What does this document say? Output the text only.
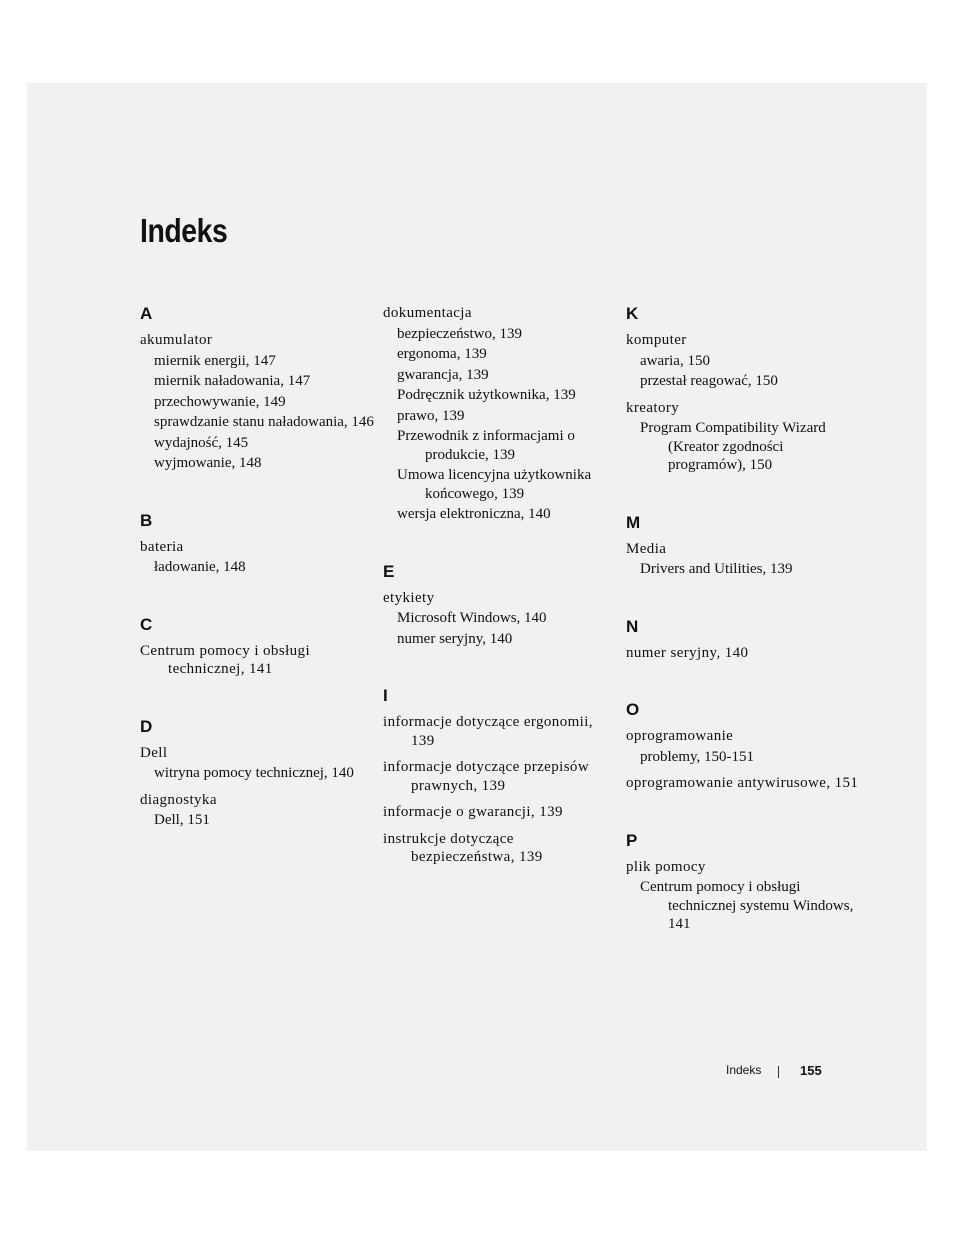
Indeks
A
akumulator
miernik energii, 147
miernik naładowania, 147
przechowywanie, 149
sprawdzanie stanu naładowania, 146
wydajność, 145
wyjmowanie, 148
B
bateria
ładowanie, 148
C
Centrum pomocy i obsługi technicznej, 141
D
Dell
witryna pomocy technicznej, 140
diagnostyka
Dell, 151
dokumentacja
bezpieczeństwo, 139
ergonoma, 139
gwarancja, 139
Podręcznik użytkownika, 139
prawo, 139
Przewodnik z informacjami o produkcie, 139
Umowa licencyjna użytkownika końcowego, 139
wersja elektroniczna, 140
E
etykiety
Microsoft Windows, 140
numer seryjny, 140
I
informacje dotyczące ergonomii, 139
informacje dotyczące przepisów prawnych, 139
informacje o gwarancji, 139
instrukcje dotyczące bezpieczeństwa, 139
K
komputer
awaria, 150
przestał reagować, 150
kreatory
Program Compatibility Wizard (Kreator zgodności programów), 150
M
Media
Drivers and Utilities, 139
N
numer seryjny, 140
O
oprogramowanie
problemy, 150-151
oprogramowanie antywirusowe, 151
P
plik pomocy
Centrum pomocy i obsługi technicznej systemu Windows, 141
Indeks	155
